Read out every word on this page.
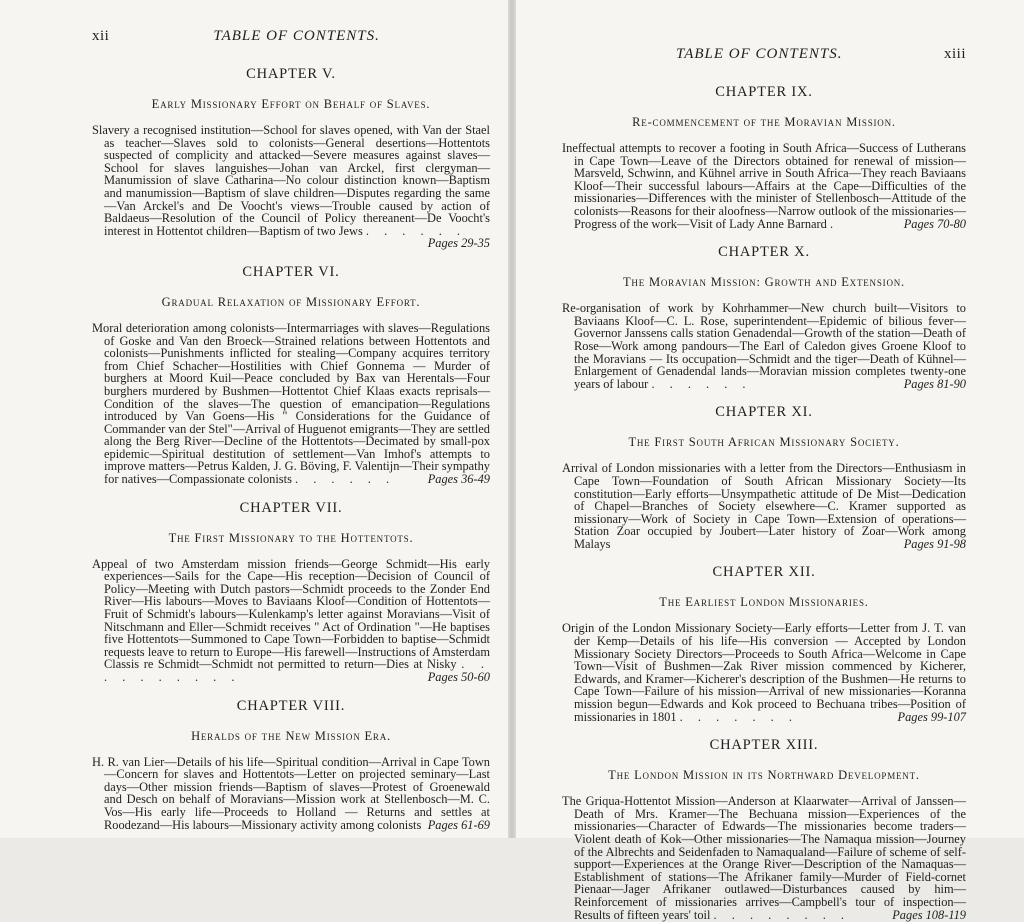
xii	TABLE OF CONTENTS.
CHAPTER V.
Early Missionary Effort on Behalf of Slaves.

Slavery a recognised institution—School for slaves opened, with Van der Stael as teacher—Slaves sold to colonists—General desertions—Hottentots suspected of complicity and attacked—Severe measures against slaves—School for slaves languishes—Johan van Arckel, first clergyman—Manumission of slave Catharina—No colour distinction known—Baptism and manumission—Baptism of slave children—Disputes regarding the same—Van Arckel's and De Voocht's views—Trouble caused by action of Baldaeus—Resolution of the Council of Policy thereanent—De Voocht's interest in Hottentot children—Baptism of two Jews . . . . . .
Pages 29-35

CHAPTER VI.
Gradual Relaxation of Missionary Effort.

Moral deterioration among colonists—Intermarriages with slaves—Regulations of Goske and Van den Broeck—Strained relations between Hottentots and colonists—Punishments inflicted for stealing—Company acquires territory from Chief Schacher—Hostilities with Chief Gonnema — Murder of burghers at Moord Kuil—Peace concluded by Bax van Herentals—Four burghers murdered by Bushmen—Hottentot Chief Klaas exacts reprisals—Condition of the slaves—The question of emancipation—Regulations introduced by Van Goens—His " Considerations for the Guidance of Commander van der Stel"—Arrival of Huguenot emigrants—They are settled along the Berg River—Decline of the Hottentots—Decimated by small-pox epidemic—Spiritual destitution of settlement—Van Imhof's attempts to improve matters—Petrus Kalden, J. G. Böving, F. Valentijn—Their sympathy for natives—Compassionate colonists . . . . . .	Pages 36-49

CHAPTER VII.
The First Missionary to the Hottentots.

Appeal of two Amsterdam mission friends—George Schmidt—His early experiences—Sails for the Cape—His reception—Decision of Council of Policy—Meeting with Dutch pastors—Schmidt proceeds to the Zonder End River—His labours—Moves to Baviaans Kloof—Condition of Hottentots—Fruit of Schmidt's labours—Kulenkamp's letter against Moravians—Visit of Nitschmann and Eller—Schmidt receives " Act of Ordination "—He baptises five Hottentots—Summoned to Cape Town—Forbidden to baptise—Schmidt requests leave to return to Europe—His farewell—Instructions of Amsterdam Classis re Schmidt—Schmidt not permitted to return—Dies at Nisky . . . . . . . . . .	Pages 50-60

CHAPTER VIII.
Heralds of the New Mission Era.

H. R. van Lier—Details of his life—Spiritual condition—Arrival in Cape Town—Concern for slaves and Hottentots—Letter on projected seminary—Last days—Other mission friends—Baptism of slaves—Protest of Groenewald and Desch on behalf of Moravians—Mission work at Stellenbosch—M. C. Vos—His early life—Proceeds to Holland — Returns and settles at Roodezand—His labours—Missionary activity among colonists Pages 61-69

TABLE OF CONTENTS.	xiii
CHAPTER IX.
Re-commencement of the Moravian Mission.

Ineffectual attempts to recover a footing in South Africa—Success of Lutherans in Cape Town—Leave of the Directors obtained for renewal of mission—Marsveld, Schwinn, and Kühnel arrive in South Africa—They reach Baviaans Kloof—Their successful labours—Affairs at the Cape—Difficulties of the missionaries—Differences with the minister of Stellenbosch—Attitude of the colonists—Reasons for their aloofness—Narrow outlook of the missionaries—Progress of the work—Visit of Lady Anne Barnard .	Pages 70-80

CHAPTER X.
The Moravian Mission: Growth and Extension.

Re-organisation of work by Kohrhammer—New church built—Visitors to Baviaans Kloof—C. L. Rose, superintendent—Epidemic of bilious fever—Governor Janssens calls station Genadendal—Growth of the station—Death of Rose—Work among pandours—The Earl of Caledon gives Groene Kloof to the Moravians — Its occupation—Schmidt and the tiger—Death of Kühnel—Enlargement of Genadendal lands—Moravian mission completes twenty-one years of labour . . . . . .	Pages 81-90

CHAPTER XI.
The First South African Missionary Society.

Arrival of London missionaries with a letter from the Directors—Enthusiasm in Cape Town—Foundation of South African Missionary Society—Its constitution—Early efforts—Unsympathetic attitude of De Mist—Dedication of Chapel—Branches of Society elsewhere—C. Kramer supported as missionary—Work of Society in Cape Town—Extension of operations—Station Zoar occupied by Joubert—Later history of Zoar—Work among Malays	Pages 91-98

CHAPTER XII.
The Earliest London Missionaries.

Origin of the London Missionary Society—Early efforts—Letter from J. T. van der Kemp—Details of his life—His conversion — Accepted by London Missionary Society Directors—Proceeds to South Africa—Welcome in Cape Town—Visit of Bushmen—Zak River mission commenced by Kicherer, Edwards, and Kramer—Kicherer's description of the Bushmen—He returns to Cape Town—Failure of his mission—Arrival of new missionaries—Koranna mission begun—Edwards and Kok proceed to Bechuana tribes—Position of missionaries in 1801 . . . . . . .	Pages 99-107

CHAPTER XIII.
The London Mission in its Northward Development.

The Griqua-Hottentot Mission—Anderson at Klaarwater—Arrival of Janssen—Death of Mrs. Kramer—The Bechuana mission—Experiences of the missionaries—Character of Edwards—The missionaries become traders—Violent death of Kok—Other missionaries—The Namaqua mission—Journey of the Albrechts and Seidenfaden to Namaqualand—Failure of scheme of self-support—Experiences at the Orange River—Description of the Namaquas—Establishment of stations—The Afrikaner family—Murder of Field-cornet Pienaar—Jager Afrikaner outlawed—Disturbances caused by him—Reinforcement of missionaries arrives—Campbell's tour of inspection—Results of fifteen years' toil . . . . . . . .	Pages 108-119
